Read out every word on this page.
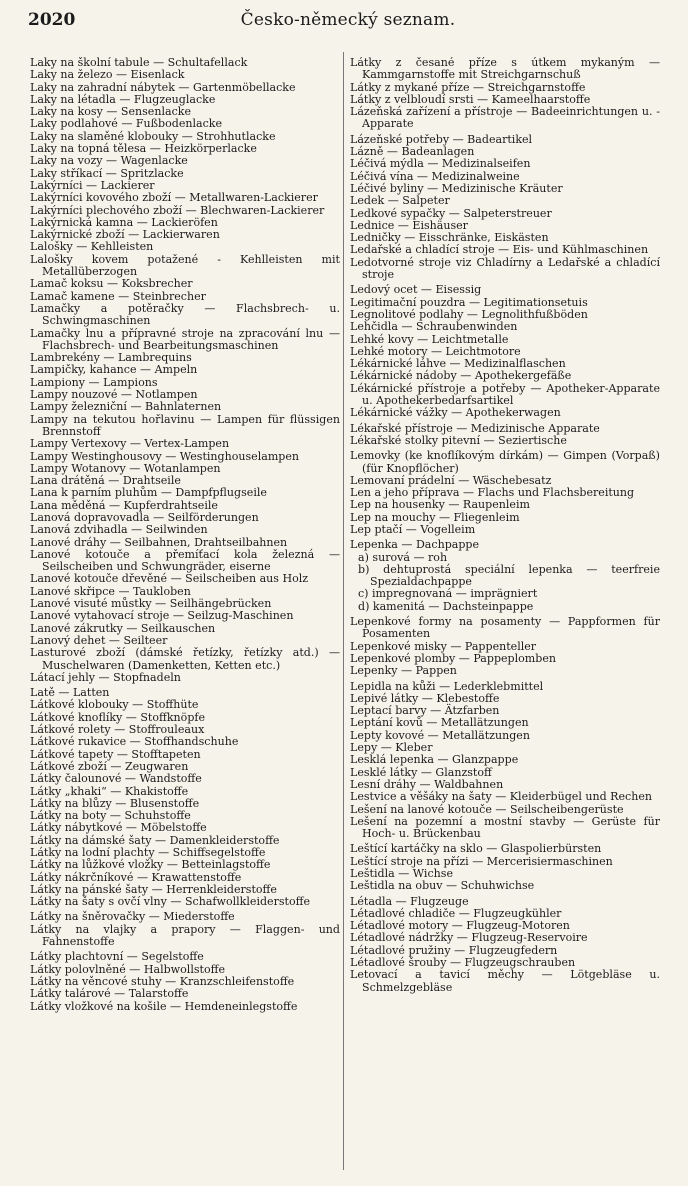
2020	Česko-německý seznam.
Laky na školní tabule — Schultafellack
Laky na železo — Eisenlack
Laky na zahradní nábytek — Gartenmöbellacke
Laky na létadla — Flugzeuglacke
Laky na kosy — Sensenlacke
Laky podlahové — Fußbodenlacke
Laky na slaměné klobouky — Strohhutlacke
Laky na topná tělesa — Heizkörperlacke
Laky na vozy — Wagenlacke
Laky stříkací — Spritzlacke
Lakýrníci — Lackierer
Lakýrníci kovového zboží — Metallwaren-Lackierer
Lakýrníci plechového zboží — Blechwaren-Lackierer
Lakýrnická kamna — Lackieröfen
Lakýrnické zboží — Lackierwaren
Lalošky — Kehlleisten
Lalošky kovem potažené - Kehlleisten mit Metallüberzogen
Lamač koksu — Koksbrecher
Lamač kamene — Steinbrecher
Lamačky a potěračky — Flachsbrech- u. Schwingmaschinen
Lamačky lnu a přípravné stroje na zpracování lnu — Flachsbrech- und Bearbeitungsmaschinen
Lambrekény — Lambrequins
Lampičky, kahance — Ampeln
Lampiony — Lampions
Lampy nouzové — Notlampen
Lampy železniční — Bahnlaternen
Lampy na tekutou hořlavinu — Lampen für flüssigen Brennstoff
Lampy Vertexovy — Vertex-Lampen
Lampy Westinghousovy — Westinghouselampen
Lampy Wotanovy — Wotanlampen
Lana drátěná — Drahtseile
Lana k parním pluhům — Dampfpflugseile
Lana měděná — Kupferdrahtseile
Lanová dopravovadla — Seilförderungen
Lanová zdvihadla — Seilwinden
Lanové dráhy — Seilbahnen, Drahtseilbahnen
Lanové kotouče a přemíťací kola železná — Seilscheiben und Schwungräder, eiserne
Lanové kotouče dřevěné — Seilscheiben aus Holz
Lanové skřipce — Taukloben
Lanové visuté můstky — Seilhängebrücken
Lanové vytahovací stroje — Seilzug-Maschinen
Lanové zákrutky — Seilkauschen
Lanový dehet — Seilteer
Lasturové zboží (dámské řetízky, řetízky atd.) — Muschelwaren (Damenketten, Ketten etc.)
Látací jehly — Stopfnadeln
Latě — Latten
Látkové klobouky — Stoffhüte
Látkové knoflíky — Stoffknöpfe
Látkové rolety — Stoffrouleaux
Látkové rukavice — Stoffhandschuhe
Látkové tapety — Stofftapeten
Látkové zboží — Zeugwaren
Látky čalounové — Wandstoffe
Látky „khaki“ — Khakistoffe
Látky na blůzy — Blusenstoffe
Látky na boty — Schuhstoffe
Látky nábytkové — Möbelstoffe
Látky na dámské šaty — Damenkleiderstoffe
Látky na lodní plachty — Schiffsegelstoffe
Látky na lůžkové vložky — Betteinlagstoffe
Látky nákrčníkové — Krawattenstoffe
Látky na pánské šaty — Herrenkleiderstoffe
Látky na šaty s ovčí vlny — Schafwollkleiderstoffe
Látky na šněrovačky — Miederstoffe
Látky na vlajky a prapory — Flaggen- und Fahnenstoffe
Látky plachtovní — Segelstoffe
Látky polovlněné — Halbwollstoffe
Látky na věncové stuhy — Kranzschleifenstoffe
Látky talárové — Talarstoffe
Látky vložkové na košile — Hemdeneinlegstoffe
Látky z česané příze s útkem mykaným — Kammgarnstoffe mit Streichgarnschuß
Látky z mykané příze — Streichgarnstoffe
Látky z velbloudí srsti — Kameelhaarstoffe
Lázeňská zařízení a přístroje — Badeeinrichtungen u. -Apparate
Lázeňské potřeby — Badeartikel
Lázně — Badeanlagen
Léčivá mýdla — Medizinalseifen
Léčivá vína — Medizinalweine
Léčivé byliny — Medizinische Kräuter
Ledek — Salpeter
Ledkové sypačky — Salpeterstreuer
Lednice — Eishäuser
Ledničky — Eisschränke, Eiskästen
Ledařské a chladící stroje — Eis- und Kühlmaschinen
Ledotvorné stroje viz Chladírny a Ledařské a chladící stroje
Ledový ocet — Eisessig
Legitimační pouzdra — Legitimationsetuis
Legnolitové podlahy — Legnolithfußböden
Lehčidla — Schraubenwinden
Lehké kovy — Leichtmetalle
Lehké motory — Leichtmotore
Lékárnické láhve — Medizinalflaschen
Lékárnické nádoby — Apothekergefäße
Lékárnické přístroje a potřeby — Apotheker-Apparate u. Apothekerbedarfsartikel
Lékárnické vážky — Apothekerwagen
Lékařské přístroje — Medizinische Apparate
Lékařské stolky pitevní — Seziertische
Lemovky (ke knoflíkovým dírkám) — Gimpen (Vorpaß) (für Knopflöcher)
Lemovaní prádelní — Wäschebesatz
Len a jeho příprava — Flachs und Flachsbereitung
Lep na housenky — Raupenleim
Lep na mouchy — Fliegenleim
Lep ptačí — Vogelleim
Lepenka — Dachpappe
a) surová — roh
b) dehtuprostá speciální lepenka — teerfreie Spezialdachpappe
c) impregnovaná — imprägniert
d) kamenitá — Dachsteinpappe
Lepenkové formy na posamenty — Pappformen für Posamenten
Lepenkové misky — Pappenteller
Lepenkové plomby — Pappeplomben
Lepenky — Pappen
Lepidla na kůži — Lederklebmittel
Lepivé látky — Klebestoffe
Leptací barvy — Ätzfarben
Leptání kovů — Metallätzungen
Lepty kovové — Metallätzungen
Lepy — Kleber
Lesklá lepenka — Glanzpappe
Lesklé látky — Glanzstoff
Lesní dráhy — Waldbahnen
Lestvice a věšáky na šaty — Kleiderbügel und Rechen
Lešení na lanové kotouče — Seilscheibengerüste
Lešení na pozemní a mostní stavby — Gerüste für Hoch- u. Brückenbau
Leštící kartáčky na sklo — Glaspolierbürsten
Leštící stroje na přízi — Mercerisiermaschinen
Leštidla — Wichse
Leštidla na obuv — Schuhwichse
Létadla — Flugzeuge
Létadlové chladiče — Flugzeugkühler
Létadlové motory — Flugzeug-Motoren
Létadlové nádržky — Flugzeug-Reservoire
Létadlové pružiny — Flugzeugfedern
Létadlové šrouby — Flugzeugschrauben
Letovací a tavicí měchy — Lötgebläse u. Schmelzgebläse
